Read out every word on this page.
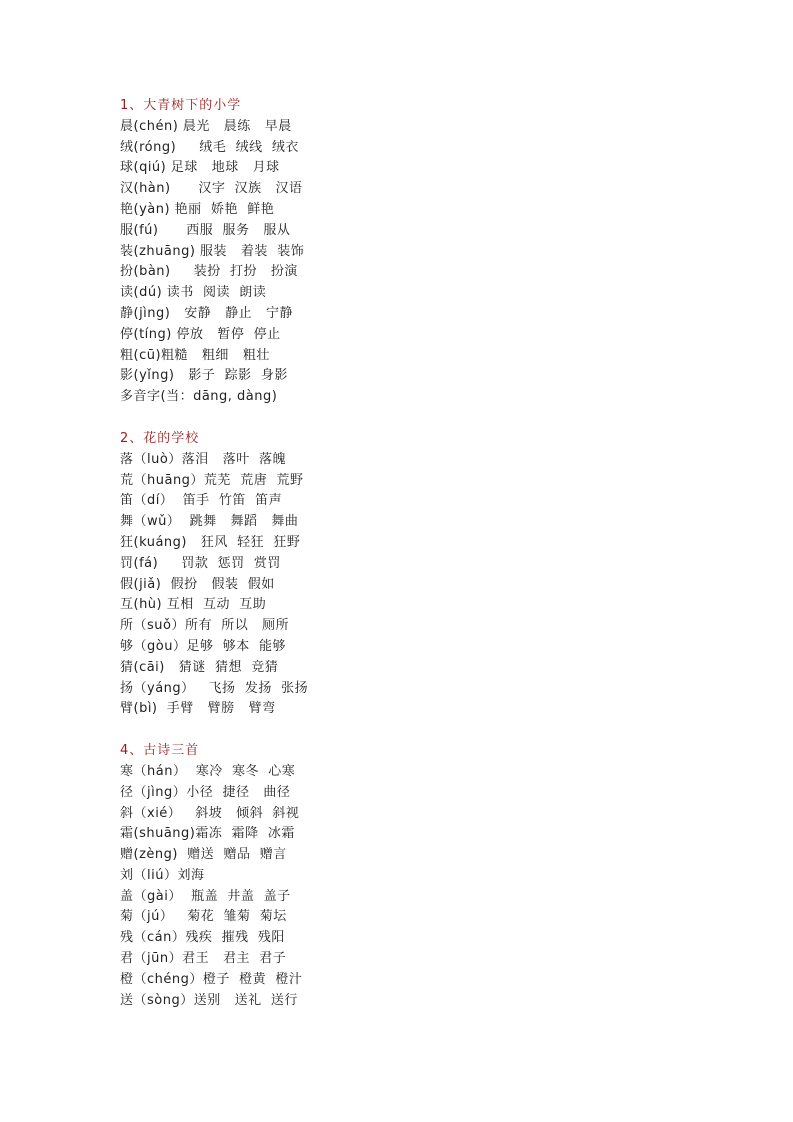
1、大青树下的小学
晨(chén) 晨光   晨练   早晨
绒(róng)     绒毛  绒线  绒衣
球(qiú) 足球   地球   月球
汉(hàn)      汉字  汉族   汉语
艳(yàn) 艳丽  娇艳  鲜艳
服(fú)      西服  服务   服从
装(zhuāng) 服装   着装  装饰
扮(bàn)     装扮  打扮   扮演
读(dú) 读书  阅读  朗读
静(jìng)   安静   静止   宁静
停(tíng) 停放   暂停  停止
粗(cū)粗糙   粗细   粗壮
影(yǐng)   影子  踪影  身影
多音字(当：dāng, dàng)
2、花的学校
落（luò）落泪   落叶  落魄
荒（huāng）荒芜  荒唐  荒野
笛（dí）  笛手  竹笛  笛声
舞（wǔ）  跳舞   舞蹈   舞曲
狂(kuáng)   狂风  轻狂  狂野
罚(fá)     罚款  惩罚  赏罚
假(jiǎ)  假扮   假装  假如
互(hù) 互相  互动  互助
所（suǒ）所有  所以   厕所
够（gòu）足够  够本  能够
猜(cāi)   猜谜  猜想  竞猜
扬（yáng）   飞扬  发扬  张扬
臂(bì)  手臂   臂膀   臂弯
4、古诗三首
寒（hán）  寒冷  寒冬  心寒
径（jìng）小径  捷径   曲径
斜（xié）   斜坡   倾斜  斜视
霜(shuāng)霜冻  霜降  冰霜
赠(zèng)  赠送  赠品  赠言
刘（liú）刘海
盖（gài）  瓶盖  井盖  盖子
菊（jú）   菊花  雏菊  菊坛
残（cán）残疾  摧残  残阳
君（jūn）君王   君主  君子
橙（chéng）橙子  橙黄  橙汁
送（sòng）送别   送礼  送行
